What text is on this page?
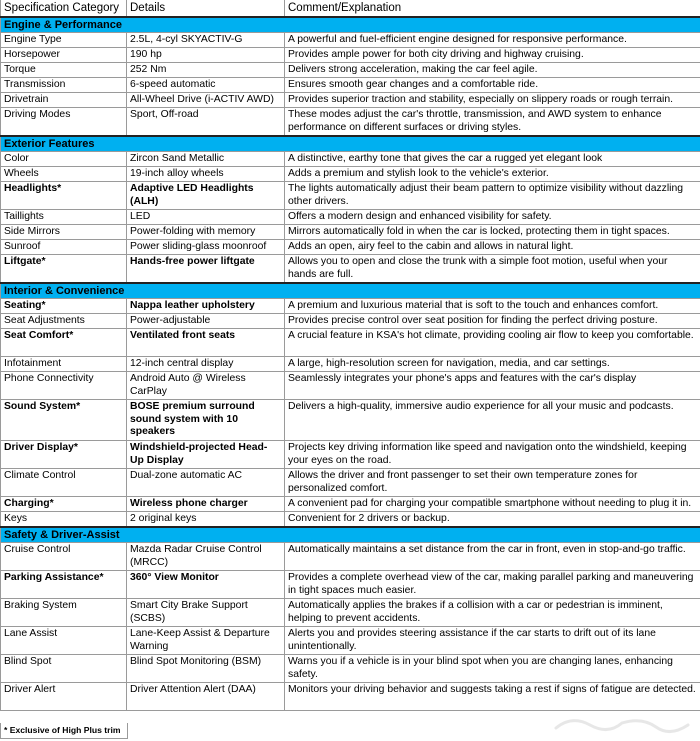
Specification Category	Details	Comment/Explanation
Engine & Performance		
Engine Type	2.5L, 4-cyl SKYACTIV-G	A powerful and fuel-efficient engine designed for responsive performance.
Horsepower	190 hp	Provides ample power for both city driving and highway cruising.
Torque	252 Nm	Delivers strong acceleration, making the car feel agile.
Transmission	6-speed automatic	Ensures smooth gear changes and a comfortable ride.
Drivetrain	All-Wheel Drive (i-ACTIV AWD)	Provides superior traction and stability, especially on slippery roads or rough terrain.
Driving Modes	Sport, Off-road	These modes adjust the car's throttle, transmission, and AWD system to enhance performance on different surfaces or driving styles.
Exterior Features		
Color	Zircon Sand Metallic	A distinctive, earthy tone that gives the car a rugged yet elegant look
Wheels	19-inch alloy wheels	Adds a premium and stylish look to the vehicle's exterior.
Headlights*	Adaptive LED Headlights (ALH)	The lights automatically adjust their beam pattern to optimize visibility without dazzling other drivers.
Taillights	LED	Offers a modern design and enhanced visibility for safety.
Side Mirrors	Power-folding with memory	Mirrors automatically fold in when the car is locked, protecting them in tight spaces.
Sunroof	Power sliding-glass moonroof	Adds an open, airy feel to the cabin and allows in natural light.
Liftgate*	Hands-free power liftgate	Allows you to open and close the trunk with a simple foot motion, useful when your hands are full.
Interior & Convenience		
Seating*	Nappa leather upholstery	A premium and luxurious material that is soft to the touch and enhances comfort.
Seat Adjustments	Power-adjustable	Provides precise control over seat position for finding the perfect driving posture.
Seat Comfort*	Ventilated front seats	A crucial feature in KSA's hot climate, providing cooling air flow to keep you comfortable.
Infotainment	12-inch central display	A large, high-resolution screen for navigation, media, and car settings.
Phone Connectivity	Android Auto @ Wireless CarPlay	Seamlessly integrates your phone's apps and features with the car's display
Sound System*	BOSE premium surround sound system with 10 speakers	Delivers a high-quality, immersive audio experience for all your music and podcasts.
Driver Display*	Windshield-projected Head-Up Display	Projects key driving information like speed and navigation onto the windshield, keeping your eyes on the road.
Climate Control	Dual-zone automatic AC	Allows the driver and front passenger to set their own temperature zones for personalized comfort.
Charging*	Wireless phone charger	A convenient pad for charging your compatible smartphone without needing to plug it in.
Keys	2 original keys	Convenient for 2 drivers or backup.
Safety & Driver-Assist		
Cruise Control	Mazda Radar Cruise Control (MRCC)	Automatically maintains a set distance from the car in front, even in stop-and-go traffic.
Parking Assistance*	360° View Monitor	Provides a complete overhead view of the car, making parallel parking and maneuvering in tight spaces much easier.
Braking System	Smart City Brake Support (SCBS)	Automatically applies the brakes if a collision with a car or pedestrian is imminent, helping to prevent accidents.
Lane Assist	Lane-Keep Assist & Departure Warning	Alerts you and provides steering assistance if the car starts to drift out of its lane unintentionally.
Blind Spot	Blind Spot Monitoring (BSM)	Warns you if a vehicle is in your blind spot when you are changing lanes, enhancing safety.
Driver Alert	Driver Attention Alert (DAA)	Monitors your driving behavior and suggests taking a rest if signs of fatigue are detected.
* Exclusive of High Plus trim
